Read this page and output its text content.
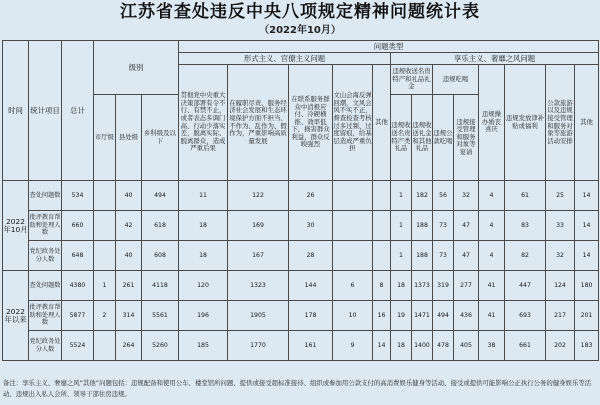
江苏省查处违反中央八项规定精神问题统计表
（2022年10月）
时间	统计项目	总计	级别			问题类型												
						形式主义、官僚主义问题					享乐主义、奢靡之风问题							
						贯彻党中央重大决策部署有令不行、有禁不止，或者表态多调门高、行动少落实差，脱离实际、脱离群众，造成严重后果	在履职尽责、服务经济社会发展和生态环境保护方面不担当、不作为、乱作为、假作为，严重影响高质量发展	在联系服务群众中消极应付、冷硬横推、效率低下，损害群众利益，群众反映强烈	文山会海反弹回潮，文风会风不实不正，督查检查考核过多过频、过度留痕，给基层造成严重负担	其他	违规收送名贵特产和礼品礼金		违规吃喝		违规操办婚丧喜庆	违规发放津补贴或福利	公款旅游以及违规接受管理和服务对象等旅游活动安排	其他
			市厅级	县处级	乡科级及以下						违规收送名贵特产类礼品	违规收送礼金和其他礼品	违规公款吃喝	违规接受管理和服务对象等宴请				
2022年10月	查处问题数	534		40	494	11	122	26			1	182	56	32	4	61	25	14
	批评教育帮助和处理人数	660		42	618	18	169	30			1	188	73	47	4	83	33	14
	党纪政务处分人数	648		40	608	18	167	28			1	188	73	47	4	82	32	14
2022年以来	查处问题数	4380	1	261	4118	120	1323	144	6	8	18	1373	319	277	41	447	124	180
	批评教育帮助和处理人数	5877	2	314	5561	196	1905	178	10	16	19	1471	494	436	41	693	217	201
	党纪政务处分人数	5524		264	5260	185	1770	161	9	14	18	1400	478	405	38	661	202	183
备注：享乐主义、奢靡之风“其他”问题包括：违规配备和使用公车、楼堂馆所问题、提供或接受超标准接待、组织或参加用公款支付的高消费娱乐健身等活动、接受或提供可能影响公正执行公务的健身娱乐等活动、违规出入私人会所、领导干部住房违规。
